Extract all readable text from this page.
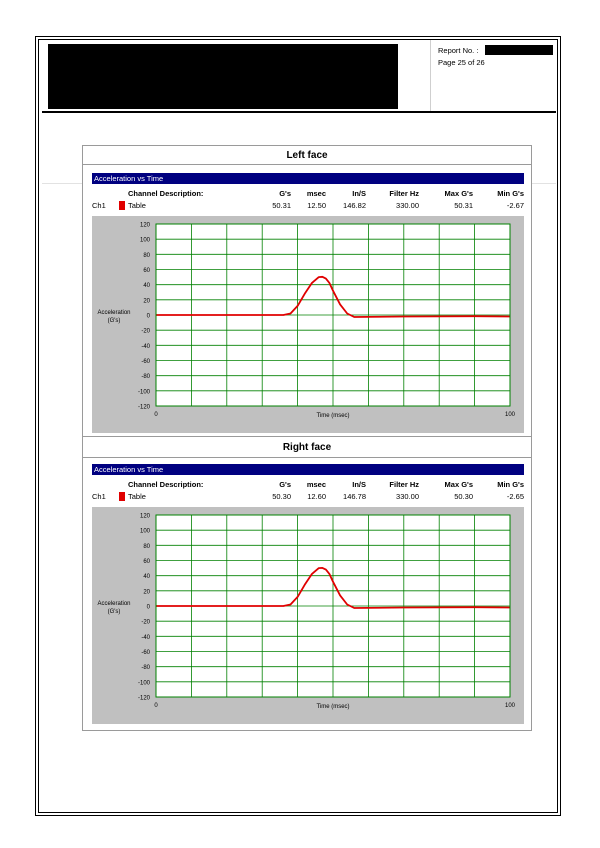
Report No. :
Page 25 of 26
Left face
Acceleration vs Time
Channel Description:	G's	msec	In/S	Filter Hz	Max G's	Min G's
Ch1	Table	50.31	12.50	146.82	330.00	50.31	-2.67
120
100
80
60
40
20
0
-20
-40
-60
-80
-100
-120
0	100
Time (msec)
Acceleration
(G's)
Right face
Acceleration vs Time
Channel Description:	G's	msec	In/S	Filter Hz	Max G's	Min G's
Ch1	Table	50.30	12.60	146.78	330.00	50.30	-2.65
120
100
80
60
40
20
0
-20
-40
-60
-80
-100
-120
0	100
Time (msec)
Acceleration
(G's)
